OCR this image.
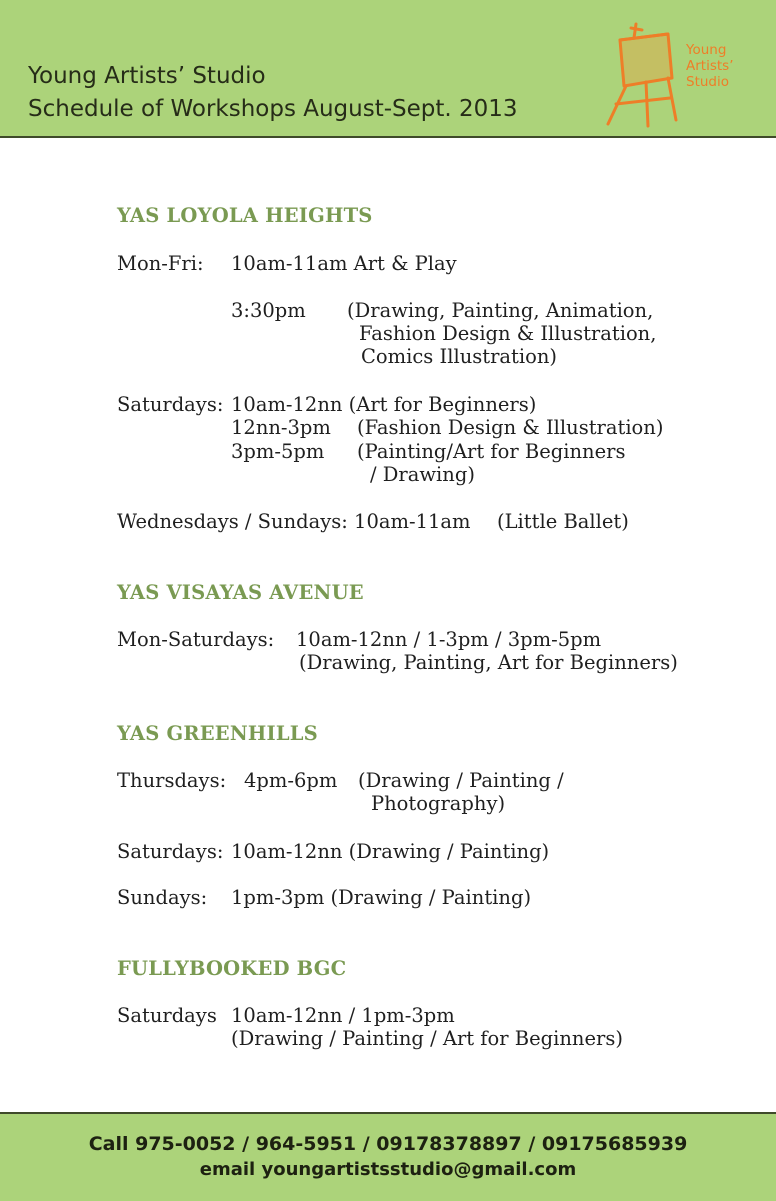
Young Artists’ Studio
Schedule of Workshops August-Sept. 2013
Young
Artists’
Studio
YAS LOYOLA HEIGHTS
Mon-Fri: 10am-11am Art & Play
3:30pm (Drawing, Painting, Animation,
Fashion Design & Illustration,
Comics Illustration)
Saturdays: 10am-12nn (Art for Beginners)
12nn-3pm (Fashion Design & Illustration)
3pm-5pm (Painting/Art for Beginners
/ Drawing)
Wednesdays / Sundays: 10am-11am (Little Ballet)
YAS VISAYAS AVENUE
Mon-Saturdays: 10am-12nn / 1-3pm / 3pm-5pm
(Drawing, Painting, Art for Beginners)
YAS GREENHILLS
Thursdays: 4pm-6pm (Drawing / Painting /
Photography)
Saturdays: 10am-12nn (Drawing / Painting)
Sundays: 1pm-3pm (Drawing / Painting)
FULLYBOOKED BGC
Saturdays 10am-12nn / 1pm-3pm
(Drawing / Painting / Art for Beginners)
Call 975-0052 / 964-5951 / 09178378897 / 09175685939
email youngartistsstudio@gmail.com
